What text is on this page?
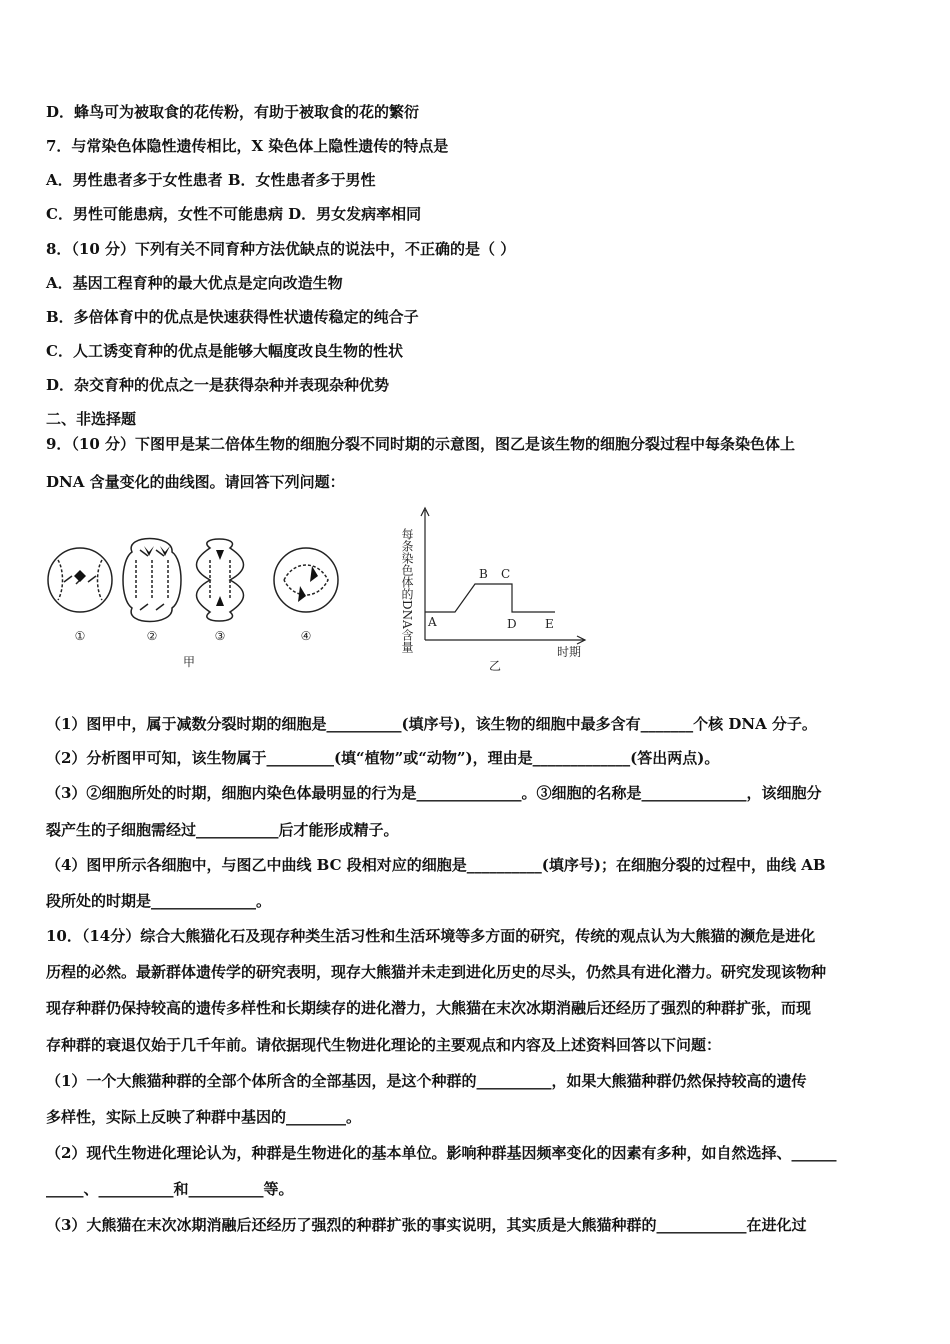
D．蜂鸟可为被取食的花传粉，有助于被取食的花的繁衍
7．与常染色体隐性遗传相比，X 染色体上隐性遗传的特点是
A．男性患者多于女性患者 B．女性患者多于男性
C．男性可能患病，女性不可能患病 D．男女发病率相同
8．（10 分）下列有关不同育种方法优缺点的说法中，不正确的是（ ）
A．基因工程育种的最大优点是定向改造生物
B．多倍体育中的优点是快速获得性状遗传稳定的纯合子
C．人工诱变育种的优点是能够大幅度改良生物的性状
D．杂交育种的优点之一是获得杂种并表现杂种优势
二、非选择题
9．（10 分）下图甲是某二倍体生物的细胞分裂不同时期的示意图，图乙是该生物的细胞分裂过程中每条染色体上
DNA 含量变化的曲线图。请回答下列问题：
①	②	③	④
甲
每条染色体的DNA含量	时期
A
B C
D E
乙
（1）图甲中，属于减数分裂时期的细胞是__________(填序号)，该生物的细胞中最多含有_______个核 DNA 分子。
（2）分析图甲可知，该生物属于_________(填“植物”或“动物”)，理由是_____________(答出两点)。
（3）②细胞所处的时期，细胞内染色体最明显的行为是______________。③细胞的名称是______________，该细胞分
裂产生的子细胞需经过___________后才能形成精子。
（4）图甲所示各细胞中，与图乙中曲线 BC 段相对应的细胞是__________(填序号)；在细胞分裂的过程中，曲线 AB
段所处的时期是______________。
10．（14分）综合大熊猫化石及现存种类生活习性和生活环境等多方面的研究，传统的观点认为大熊猫的濒危是进化
历程的必然。最新群体遗传学的研究表明，现存大熊猫并未走到进化历史的尽头，仍然具有进化潜力。研究发现该物种
现存种群仍保持较高的遗传多样性和长期续存的进化潜力，大熊猫在末次冰期消融后还经历了强烈的种群扩张，而现
存种群的衰退仅始于几千年前。请依据现代生物进化理论的主要观点和内容及上述资料回答以下问题：
（1）一个大熊猫种群的全部个体所含的全部基因，是这个种群的__________，如果大熊猫种群仍然保持较高的遗传
多样性，实际上反映了种群中基因的________。
（2）现代生物进化理论认为，种群是生物进化的基本单位。影响种群基因频率变化的因素有多种，如自然选择、______
_____、__________和__________等。
（3）大熊猫在末次冰期消融后还经历了强烈的种群扩张的事实说明，其实质是大熊猫种群的____________在进化过
